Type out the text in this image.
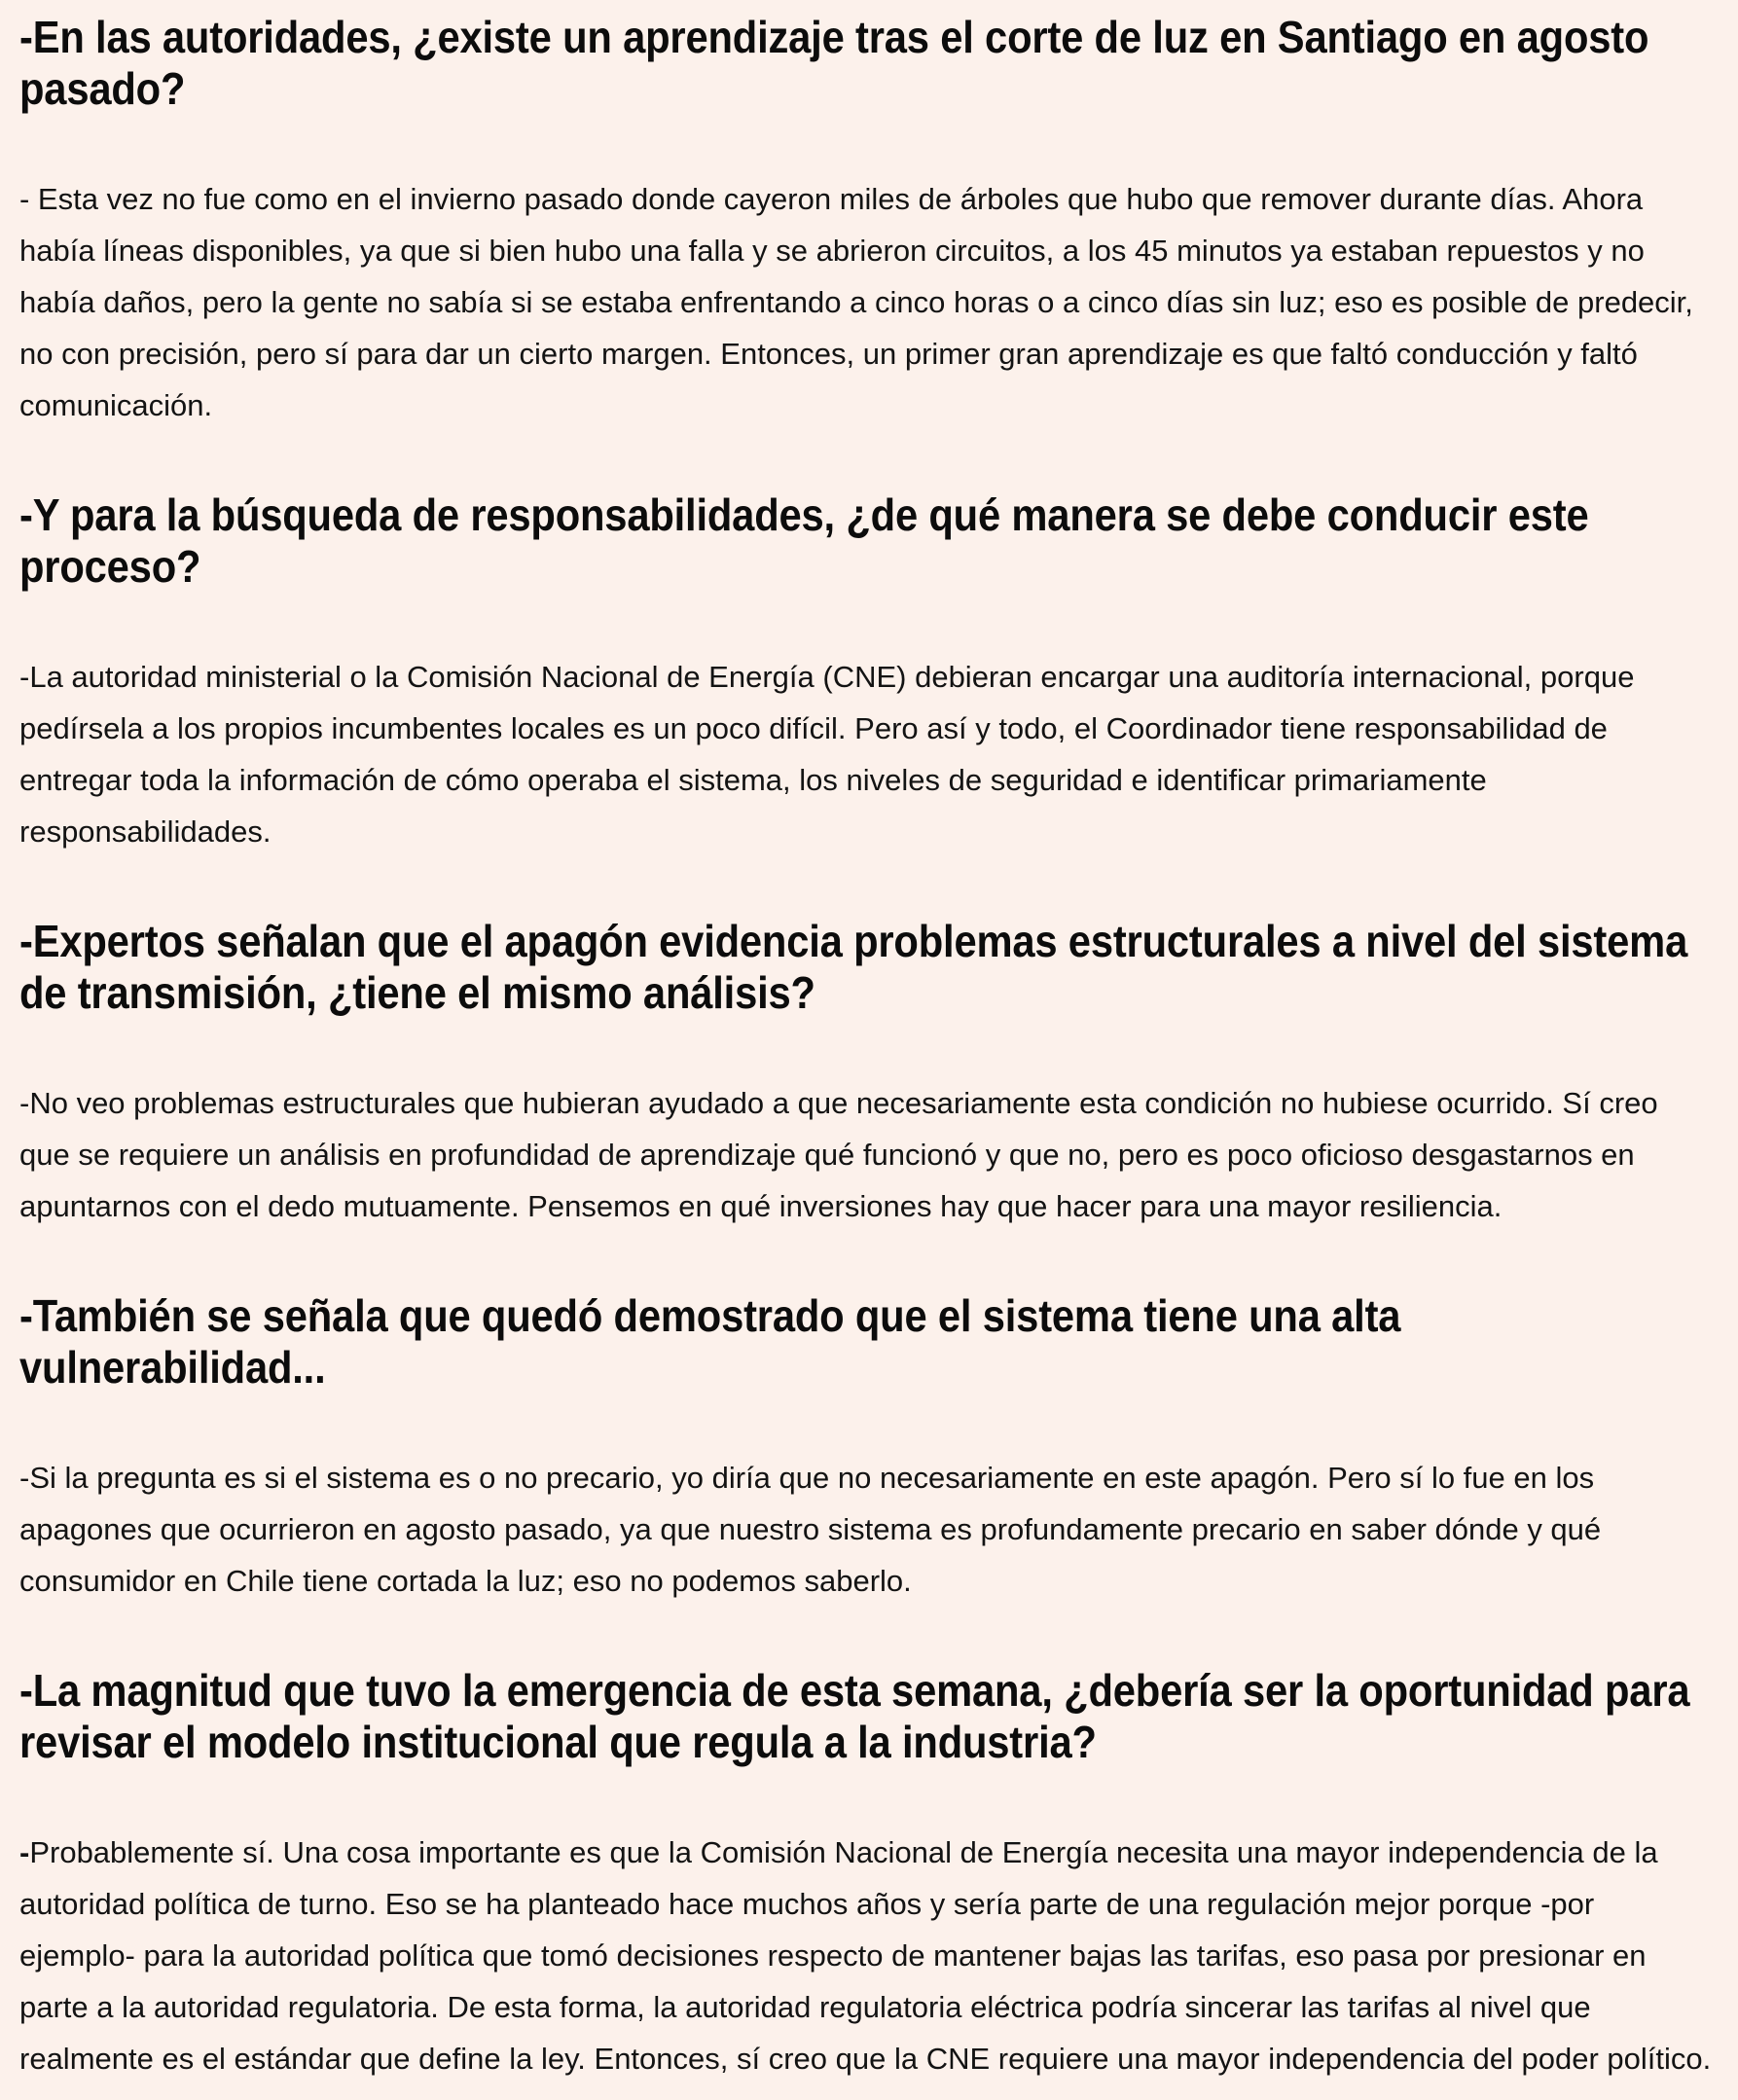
-En las autoridades, ¿existe un aprendizaje tras el corte de luz en Santiago en agosto pasado?

- Esta vez no fue como en el invierno pasado donde cayeron miles de árboles que hubo que remover durante días. Ahora había líneas disponibles, ya que si bien hubo una falla y se abrieron circuitos, a los 45 minutos ya estaban repuestos y no había daños, pero la gente no sabía si se estaba enfrentando a cinco horas o a cinco días sin luz; eso es posible de predecir, no con precisión, pero sí para dar un cierto margen. Entonces, un primer gran aprendizaje es que faltó conducción y faltó comunicación.

-Y para la búsqueda de responsabilidades, ¿de qué manera se debe conducir este proceso?

-La autoridad ministerial o la Comisión Nacional de Energía (CNE) debieran encargar una auditoría internacional, porque pedírsela a los propios incumbentes locales es un poco difícil. Pero así y todo, el Coordinador tiene responsabilidad de entregar toda la información de cómo operaba el sistema, los niveles de seguridad e identificar primariamente responsabilidades.

-Expertos señalan que el apagón evidencia problemas estructurales a nivel del sistema de transmisión, ¿tiene el mismo análisis?

-No veo problemas estructurales que hubieran ayudado a que necesariamente esta condición no hubiese ocurrido. Sí creo que se requiere un análisis en profundidad de aprendizaje qué funcionó y que no, pero es poco oficioso desgastarnos en apuntarnos con el dedo mutuamente. Pensemos en qué inversiones hay que hacer para una mayor resiliencia.

-También se señala que quedó demostrado que el sistema tiene una alta vulnerabilidad...

-Si la pregunta es si el sistema es o no precario, yo diría que no necesariamente en este apagón. Pero sí lo fue en los apagones que ocurrieron en agosto pasado, ya que nuestro sistema es profundamente precario en saber dónde y qué consumidor en Chile tiene cortada la luz; eso no podemos saberlo.

-La magnitud que tuvo la emergencia de esta semana, ¿debería ser la oportunidad para revisar el modelo institucional que regula a la industria?

-Probablemente sí. Una cosa importante es que la Comisión Nacional de Energía necesita una mayor independencia de la autoridad política de turno. Eso se ha planteado hace muchos años y sería parte de una regulación mejor porque -por ejemplo- para la autoridad política que tomó decisiones respecto de mantener bajas las tarifas, eso pasa por presionar en parte a la autoridad regulatoria. De esta forma, la autoridad regulatoria eléctrica podría sincerar las tarifas al nivel que realmente es el estándar que define la ley. Entonces, sí creo que la CNE requiere una mayor independencia del poder político.
